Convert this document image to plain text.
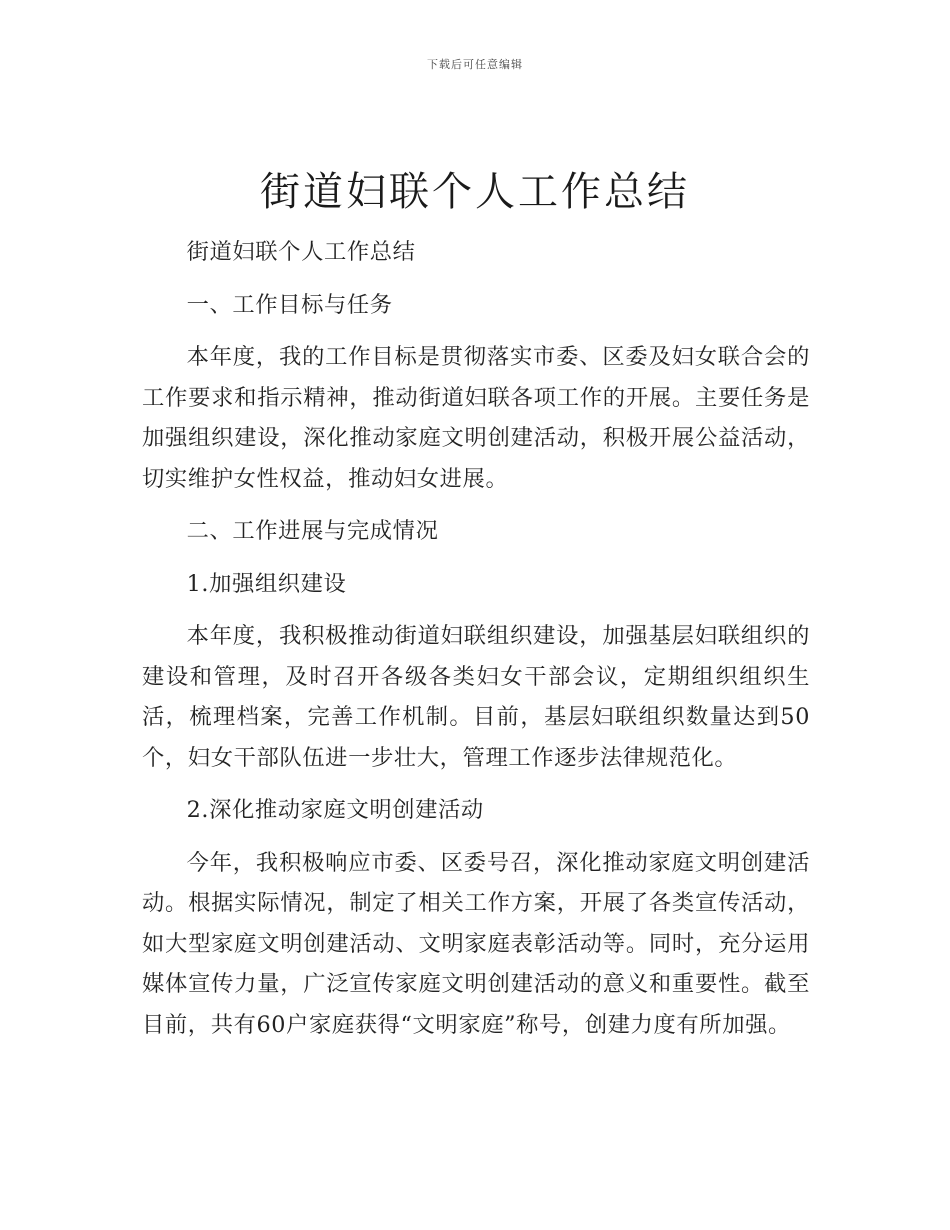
下载后可任意编辑
街道妇联个人工作总结

街道妇联个人工作总结

一、工作目标与任务

本年度，我的工作目标是贯彻落实市委、区委及妇女联合会的工作要求和指示精神，推动街道妇联各项工作的开展。主要任务是加强组织建设，深化推动家庭文明创建活动，积极开展公益活动，切实维护女性权益，推动妇女进展。

二、工作进展与完成情况

1.加强组织建设

本年度，我积极推动街道妇联组织建设，加强基层妇联组织的建设和管理，及时召开各级各类妇女干部会议，定期组织组织生活，梳理档案，完善工作机制。目前，基层妇联组织数量达到50个，妇女干部队伍进一步壮大，管理工作逐步法律规范化。

2.深化推动家庭文明创建活动

今年，我积极响应市委、区委号召，深化推动家庭文明创建活动。根据实际情况，制定了相关工作方案，开展了各类宣传活动，如大型家庭文明创建活动、文明家庭表彰活动等。同时，充分运用媒体宣传力量，广泛宣传家庭文明创建活动的意义和重要性。截至目前，共有60户家庭获得“文明家庭”称号，创建力度有所加强。
